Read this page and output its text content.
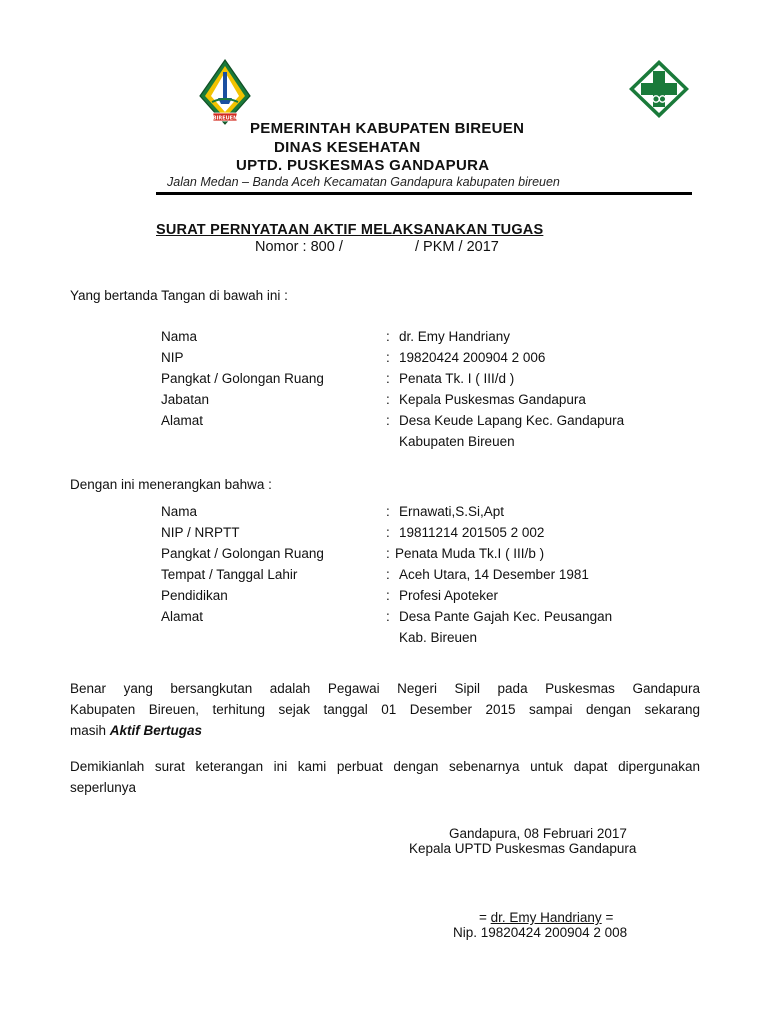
BIREUEN
PEMERINTAH KABUPATEN BIREUEN
DINAS KESEHATAN
UPTD. PUSKESMAS GANDAPURA
Jalan Medan – Banda Aceh Kecamatan Gandapura kabupaten bireuen
SURAT PERNYATAAN AKTIF MELAKSANAKAN TUGAS
Nomor : 800 /	/ PKM / 2017
Yang bertanda Tangan di bawah ini :
Nama	: dr. Emy Handriany
NIP	: 19820424 200904 2 006
Pangkat / Golongan Ruang	: Penata Tk. I ( III/d )
Jabatan	: Kepala Puskesmas Gandapura
Alamat	: Desa Keude Lapang Kec. Gandapura
Kabupaten Bireuen
Dengan ini menerangkan bahwa :
Nama	: Ernawati,S.Si,Apt
NIP / NRPTT	: 19811214 201505 2 002
Pangkat / Golongan Ruang	: Penata Muda Tk.I ( III/b )
Tempat / Tanggal Lahir	: Aceh Utara, 14 Desember 1981
Pendidikan	: Profesi Apoteker
Alamat	: Desa Pante Gajah Kec. Peusangan
Kab. Bireuen
Benar yang bersangkutan adalah Pegawai Negeri Sipil pada Puskesmas Gandapura
Kabupaten Bireuen, terhitung sejak tanggal 01 Desember 2015 sampai dengan sekarang
masih Aktif Bertugas
Demikianlah surat keterangan ini kami perbuat dengan sebenarnya untuk dapat dipergunakan
seperlunya
Gandapura, 08 Februari 2017
Kepala UPTD Puskesmas Gandapura
= dr. Emy Handriany =
Nip. 19820424 200904 2 008
